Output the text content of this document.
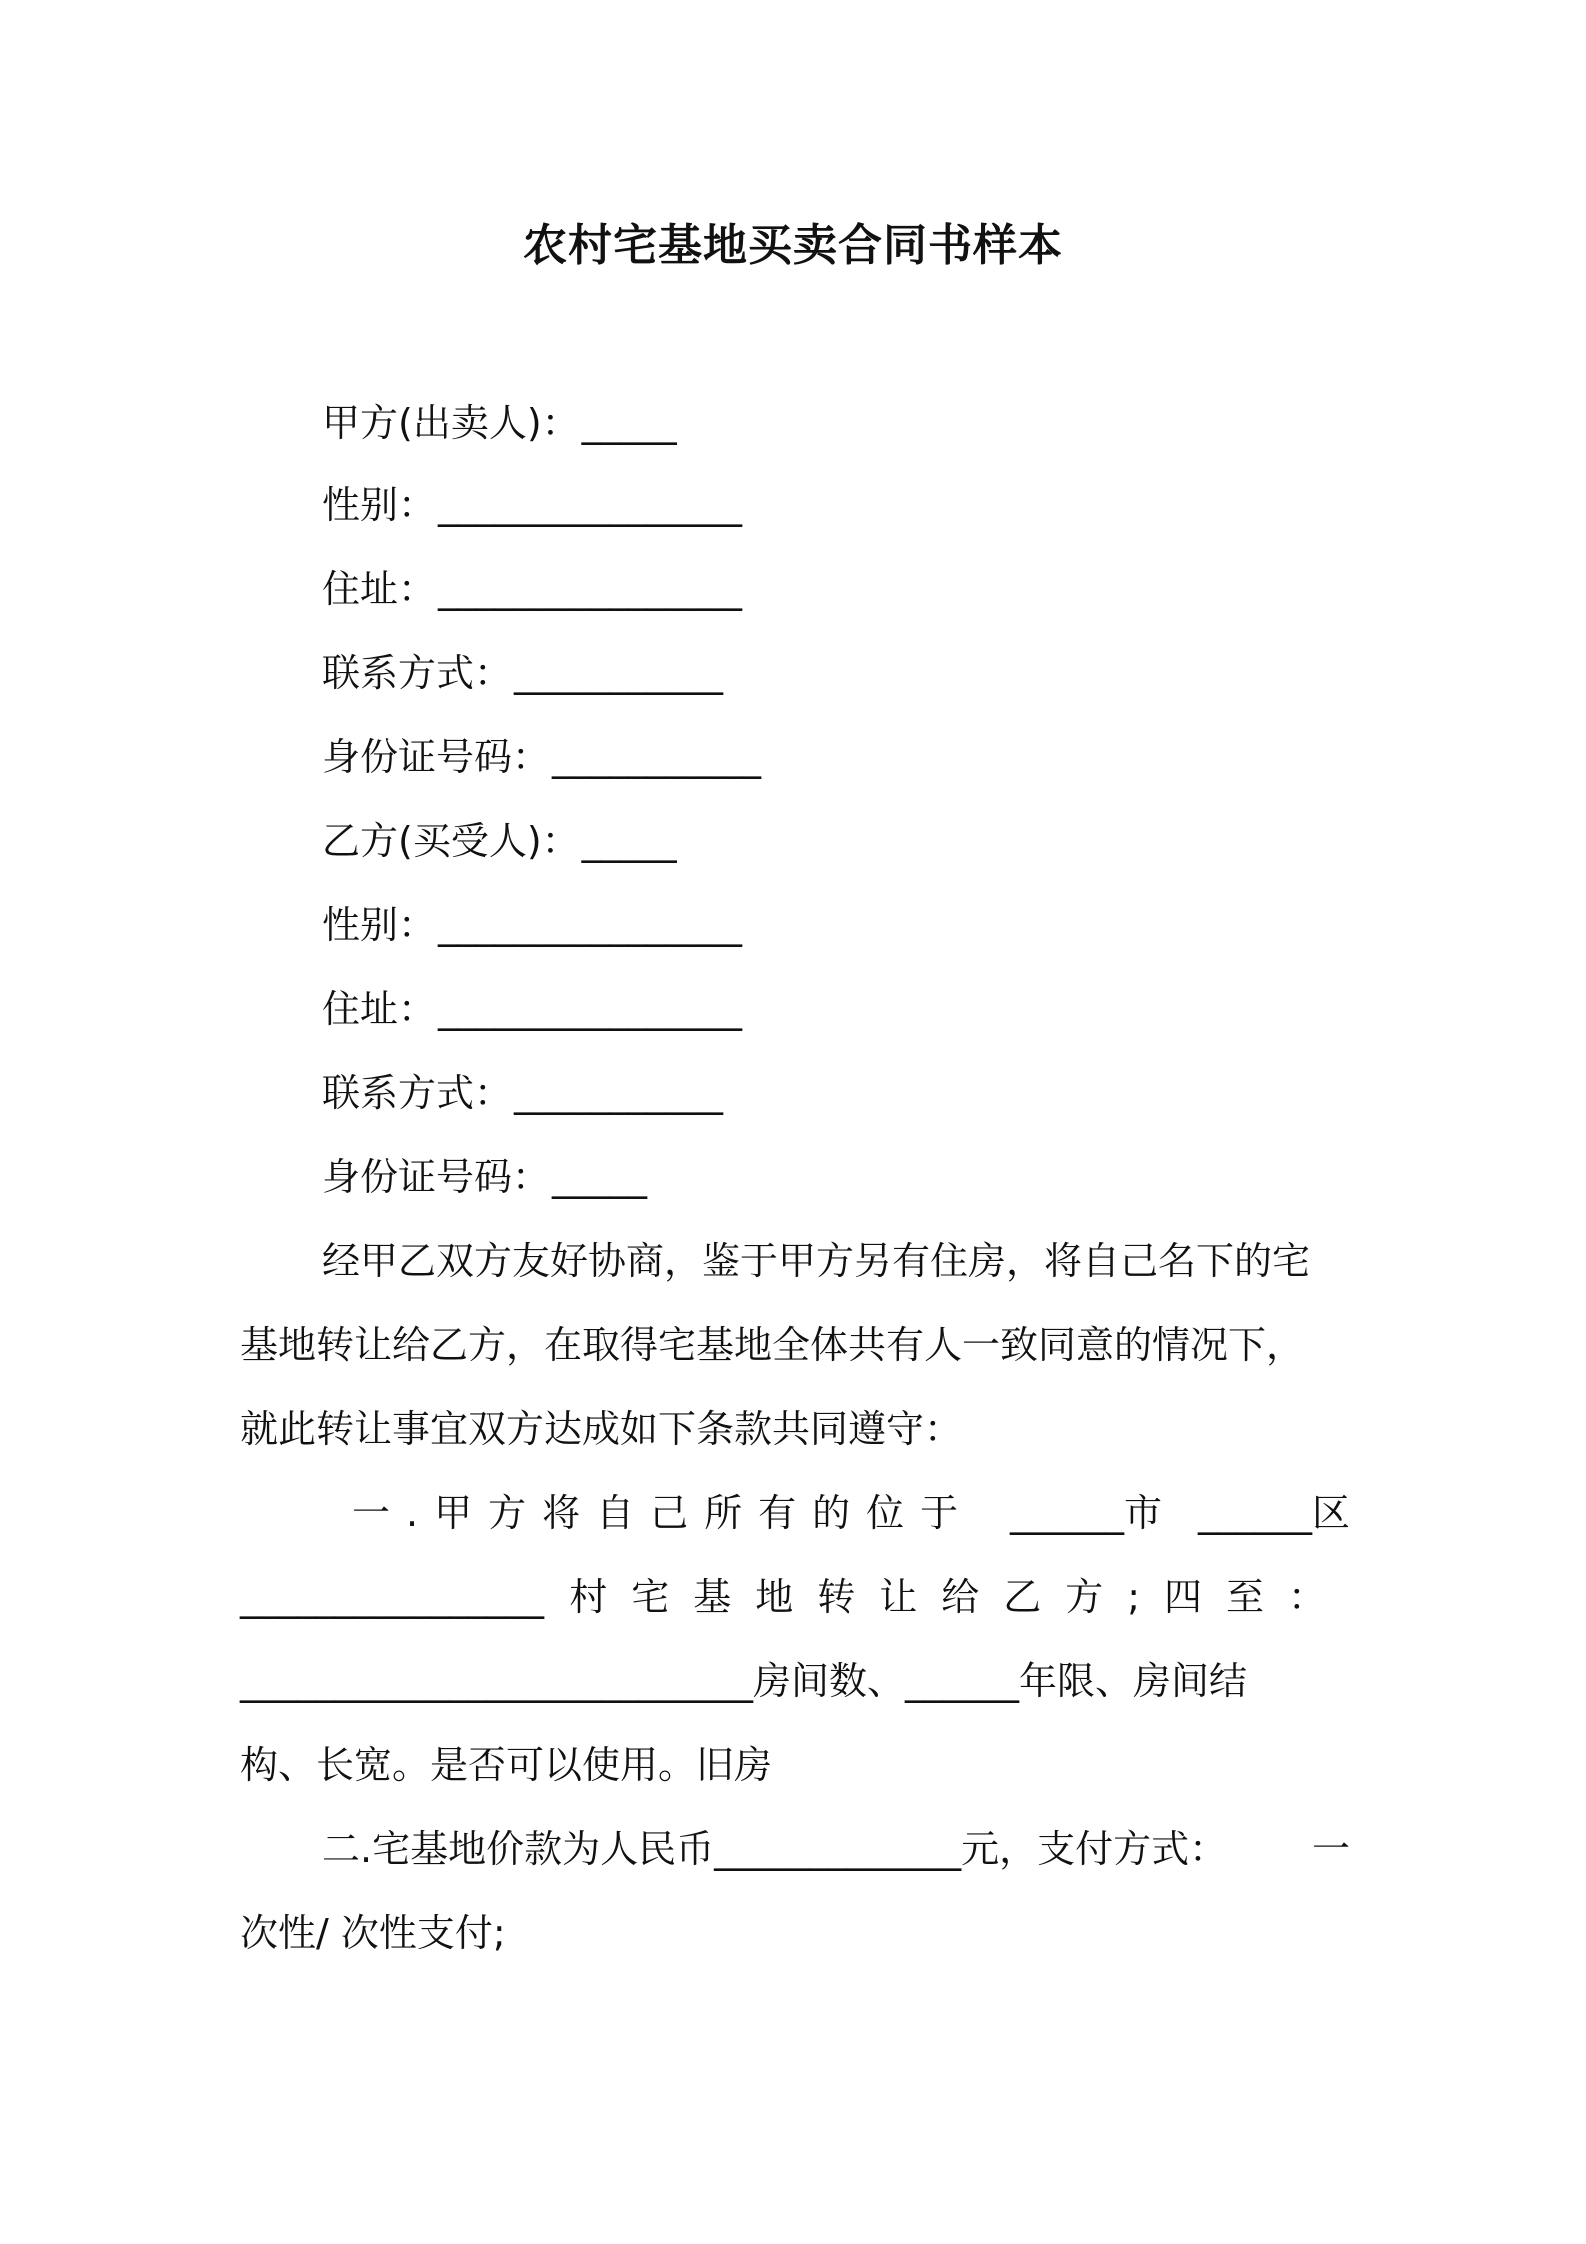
农村宅基地买卖合同书样本
甲方(出卖人)：_____
性别：________________
住址：________________
联系方式：___________
身份证号码：___________
乙方(买受人)：_____
性别：________________
住址：________________
联系方式：___________
身份证号码：_____
经甲乙双方友好协商，鉴于甲方另有住房，将自己名下的宅
基地转让给乙方，在取得宅基地全体共有人一致同意的情况下，
就此转让事宜双方达成如下条款共同遵守：
一.甲方将自己所有的位于 ______市 ______区
________________ 村宅基地转让给乙方;四至：
___________________________房间数、______年限、房间结
构、长宽。是否可以使用。旧房
二.宅基地价款为人民币_____________元，支付方式： 一
次性/ 次性支付;
